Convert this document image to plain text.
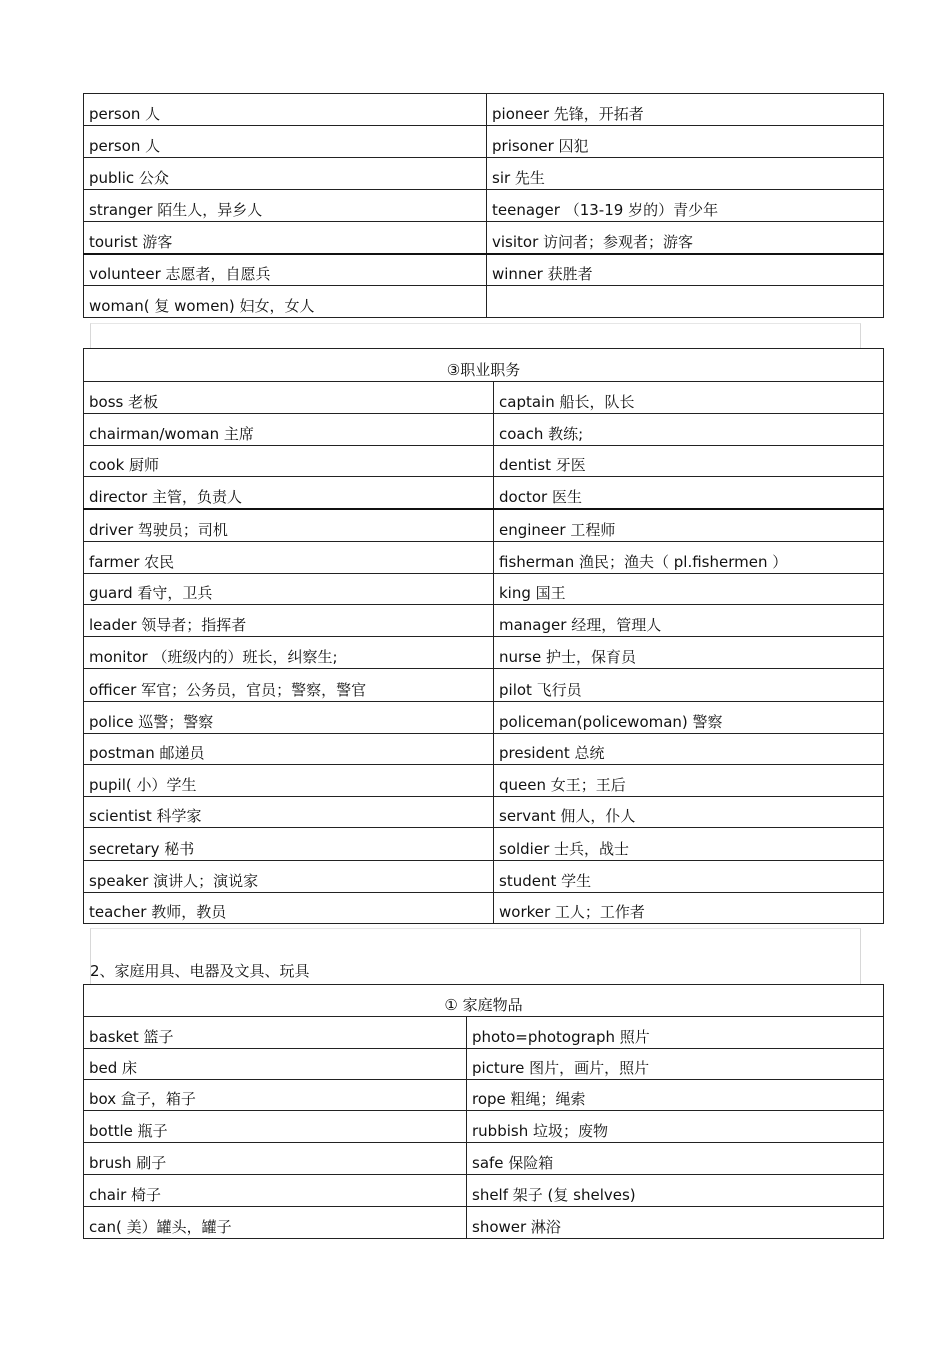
person 人	pioneer 先锋，开拓者
person 人	prisoner 囚犯
public 公众	sir 先生
stranger 陌生人，异乡人	teenager （13-19 岁的）青少年
tourist 游客	visitor 访问者；参观者；游客
volunteer 志愿者，自愿兵	winner 获胜者
woman( 复 women) 妇女，女人	
③职业职务	
boss 老板	captain 船长，队长
chairman/woman 主席	coach 教练;
cook 厨师	dentist 牙医
director 主管，负责人	doctor 医生
driver 驾驶员；司机	engineer 工程师
farmer 农民	fisherman 渔民；渔夫（ pl.fishermen ）
guard 看守，卫兵	king 国王
leader 领导者；指挥者	manager 经理，管理人
monitor （班级内的）班长，纠察生;	nurse 护士，保育员
officer 军官；公务员，官员；警察，警官	pilot 飞行员
police 巡警；警察	policeman(policewoman) 警察
postman 邮递员	president 总统
pupil( 小）学生	queen 女王；王后
scientist 科学家	servant 佣人，仆人
secretary 秘书	soldier 士兵，战士
speaker 演讲人；演说家	student 学生
teacher 教师，教员	worker 工人；工作者
2、家庭用具、电器及文具、玩具
① 家庭物品	
basket 篮子	photo=photograph 照片
bed 床	picture 图片，画片，照片
box 盒子，箱子	rope 粗绳；绳索
bottle 瓶子	rubbish 垃圾；废物
brush 刷子	safe 保险箱
chair 椅子	shelf 架子 (复 shelves)
can( 美）罐头，罐子	shower 淋浴
